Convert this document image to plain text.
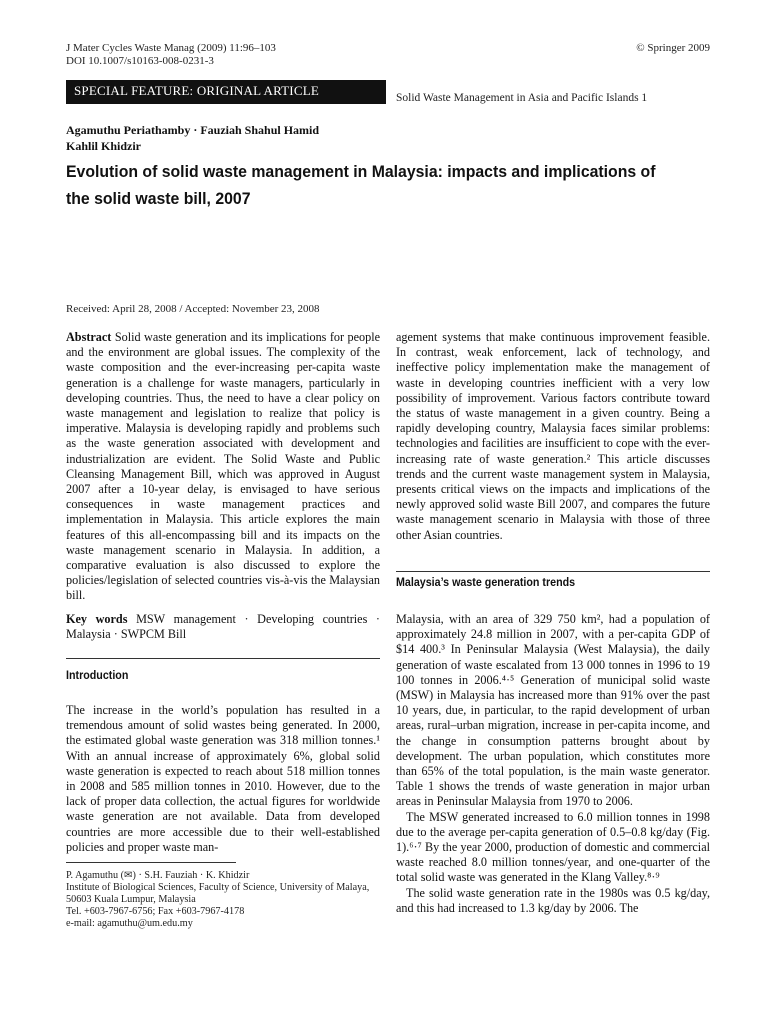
J Mater Cycles Waste Manag (2009) 11:96–103
DOI 10.1007/s10163-008-0231-3
© Springer 2009
SPECIAL FEATURE: ORIGINAL ARTICLE	Solid Waste Management in Asia and Pacific Islands 1
Agamuthu Periathamby · Fauziah Shahul Hamid
Kahlil Khidzir
Evolution of solid waste management in Malaysia: impacts and implications of the solid waste bill, 2007
Received: April 28, 2008 / Accepted: November 23, 2008

Abstract Solid waste generation and its implications for people and the environment are global issues. The complexity of the waste composition and the ever-increasing per-capita waste generation is a challenge for waste managers, particularly in developing countries. Thus, the need to have a clear policy on waste management and legislation to realize that policy is imperative. Malaysia is developing rapidly and problems such as the waste generation associated with development and industrialization are evident. The Solid Waste and Public Cleansing Management Bill, which was approved in August 2007 after a 10-year delay, is envisaged to have serious consequences in waste management practices and implementation in Malaysia. This article explores the main features of this all-encompassing bill and its impacts on the waste management scenario in Malaysia. In addition, a comparative evaluation is also discussed to explore the policies/legislation of selected countries vis-à-vis the Malaysian bill.

Key words MSW management · Developing countries · Malaysia · SWPCM Bill

Introduction

The increase in the world’s population has resulted in a tremendous amount of solid wastes being generated. In 2000, the estimated global waste generation was 318 million tonnes.¹ With an annual increase of approximately 6%, global solid waste generation is expected to reach about 518 million tonnes in 2008 and 585 million tonnes in 2010. However, due to the lack of proper data collection, the actual figures for worldwide waste generation are not available. Data from developed countries are more accessible due to their well-established policies and proper waste man-

P. Agamuthu (✉) · S.H. Fauziah · K. Khidzir
Institute of Biological Sciences, Faculty of Science, University of Malaya, 50603 Kuala Lumpur, Malaysia
Tel. +603-7967-6756; Fax +603-7967-4178
e-mail: agamuthu@um.edu.my

agement systems that make continuous improvement feasible. In contrast, weak enforcement, lack of technology, and ineffective policy implementation make the management of waste in developing countries inefficient with a very low possibility of improvement. Various factors contribute toward the status of waste management in a given country. Being a rapidly developing country, Malaysia faces similar problems: technologies and facilities are insufficient to cope with the ever-increasing rate of waste generation.² This article discusses trends and the current waste management system in Malaysia, presents critical views on the impacts and implications of the newly approved solid waste Bill 2007, and compares the future waste management scenario in Malaysia with those of three other Asian countries.

Malaysia’s waste generation trends

Malaysia, with an area of 329 750 km², had a population of approximately 24.8 million in 2007, with a per-capita GDP of $14 400.³ In Peninsular Malaysia (West Malaysia), the daily generation of waste escalated from 13 000 tonnes in 1996 to 19 100 tonnes in 2006.⁴·⁵ Generation of municipal solid waste (MSW) in Malaysia has increased more than 91% over the past 10 years, due, in particular, to the rapid development of urban areas, rural–urban migration, increase in per-capita income, and the change in consumption patterns brought about by development. The urban population, which constitutes more than 65% of the total population, is the main waste generator. Table 1 shows the trends of waste generation in major urban areas in Peninsular Malaysia from 1970 to 2006.

The MSW generated increased to 6.0 million tonnes in 1998 due to the average per-capita generation of 0.5–0.8 kg/day (Fig. 1).⁶·⁷ By the year 2000, production of domestic and commercial waste reached 8.0 million tonnes/year, and one-quarter of the total solid waste was generated in the Klang Valley.⁸·⁹

The solid waste generation rate in the 1980s was 0.5 kg/day, and this had increased to 1.3 kg/day by 2006. The
